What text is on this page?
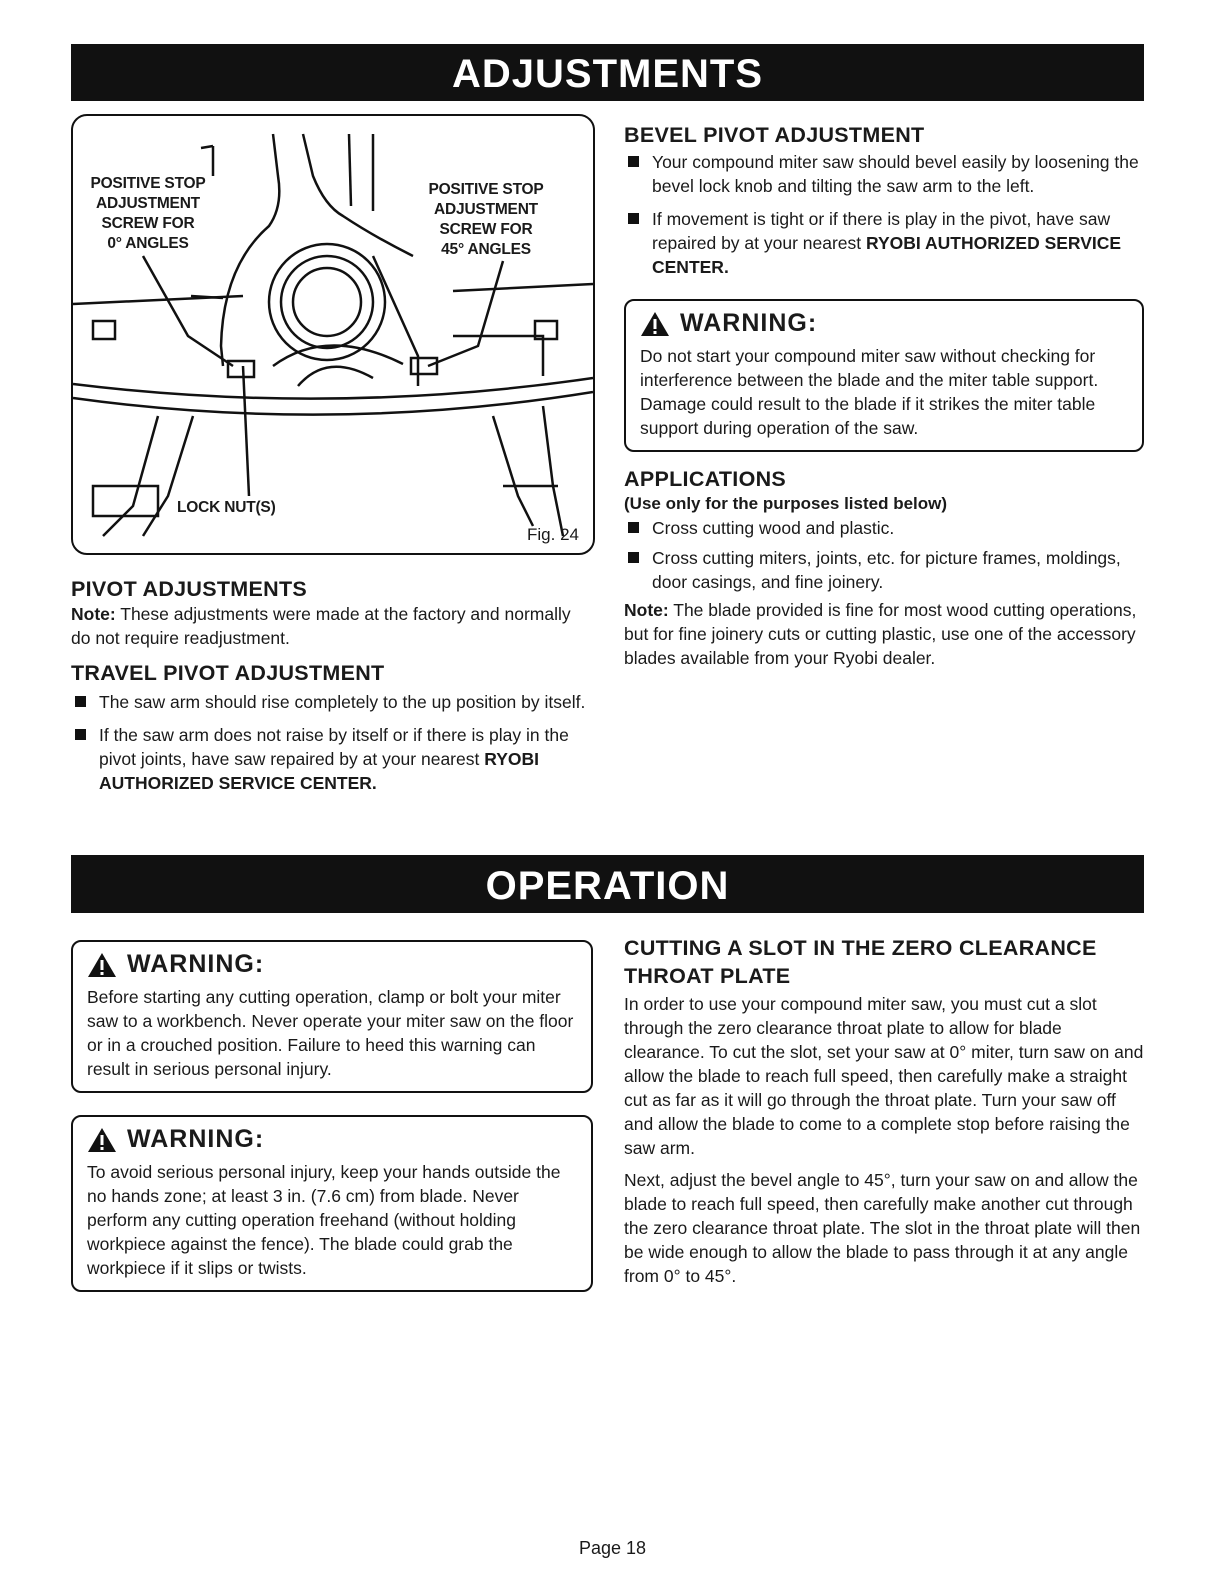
ADJUSTMENTS
POSITIVE STOP
ADJUSTMENT
SCREW FOR
0° ANGLES
POSITIVE STOP
ADJUSTMENT
SCREW FOR
45° ANGLES
LOCK NUT(S)
Fig. 24
PIVOT ADJUSTMENTS

Note: These adjustments were made at the factory and normally do not require readjustment.

TRAVEL PIVOT ADJUSTMENT
The saw arm should rise completely to the up position by itself.
If the saw arm does not raise by itself or if there is play in the pivot joints, have saw repaired by at your nearest RYOBI AUTHORIZED SERVICE CENTER.
BEVEL PIVOT ADJUSTMENT
Your compound miter saw should bevel easily by loosening the bevel lock knob and tilting the saw arm to the left.
If movement is tight or if there is play in the pivot, have saw repaired by at your nearest RYOBI AUTHORIZED SERVICE CENTER.
WARNING:
Do not start your compound miter saw without checking for interference between the blade and the miter table support. Damage could result to the blade if it strikes the miter table support during operation of the saw.
APPLICATIONS

(Use only for the purposes listed below)

Cross cutting wood and plastic.
Cross cutting miters, joints, etc. for picture frames, moldings, door casings, and fine joinery.

Note: The blade provided is fine for most wood cutting operations, but for fine joinery cuts or cutting plastic, use one of the accessory blades available from your Ryobi dealer.

OPERATION
WARNING:
Before starting any cutting operation, clamp or bolt your miter saw to a workbench. Never operate your miter saw on the floor or in a crouched position. Failure to heed this warning can result in serious personal injury.
WARNING:
To avoid serious personal injury, keep your hands outside the no hands zone; at least 3 in. (7.6 cm) from blade. Never perform any cutting operation freehand (without holding workpiece against the fence). The blade could grab the workpiece if it slips or twists.
CUTTING A SLOT IN THE ZERO CLEARANCE THROAT PLATE

In order to use your compound miter saw, you must cut a slot through the zero clearance throat plate to allow for blade clearance. To cut the slot, set your saw at 0° miter, turn saw on and allow the blade to reach full speed, then carefully make a straight cut as far as it will go through the throat plate. Turn your saw off and allow the blade to come to a complete stop before raising the saw arm.

Next, adjust the bevel angle to 45°, turn your saw on and allow the blade to reach full speed, then carefully make another cut through the zero clearance throat plate. The slot in the throat plate will then be wide enough to allow the blade to pass through it at any angle from 0° to 45°.

Page 18
